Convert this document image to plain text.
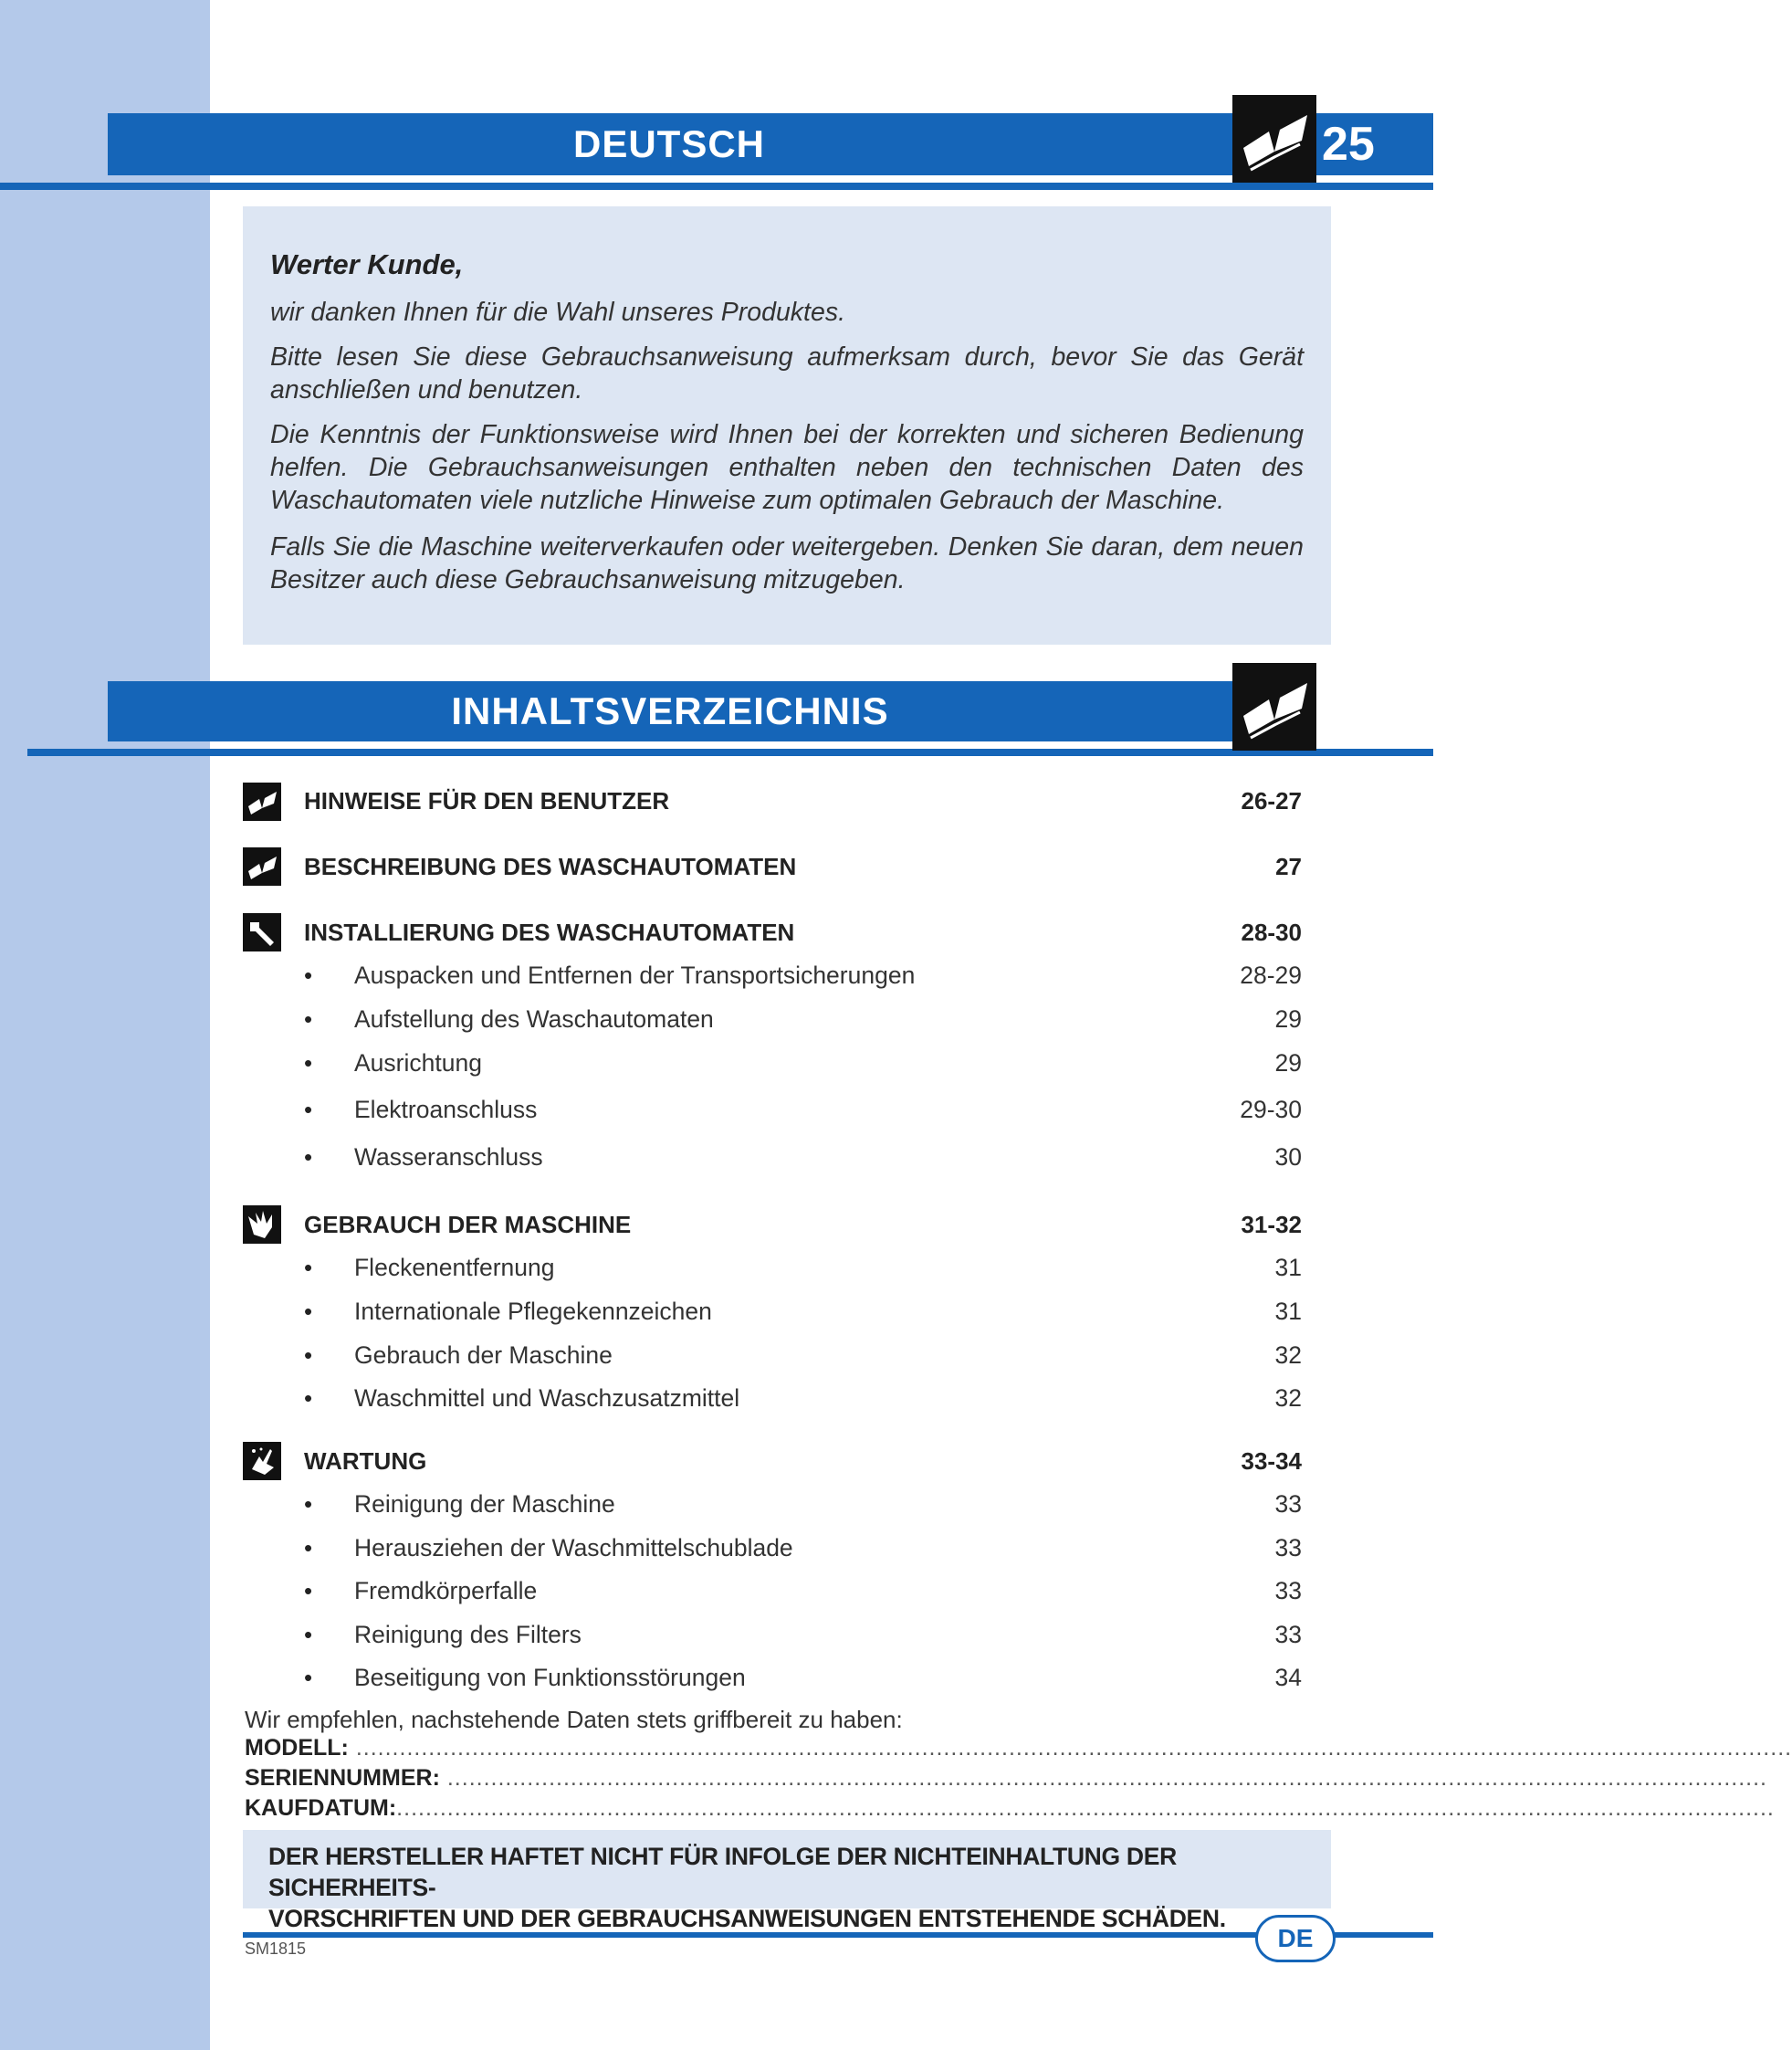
DEUTSCH	25
Werter Kunde,

wir danken Ihnen für die Wahl unseres Produktes.

Bitte lesen Sie diese Gebrauchsanweisung aufmerksam durch, bevor Sie das Gerät anschließen und benutzen.

Die Kenntnis der Funktionsweise wird Ihnen bei der korrekten und sicheren Bedienung helfen. Die Gebrauchsanweisungen enthalten neben den technischen Daten des Waschautomaten viele nutzliche Hinweise zum optimalen Gebrauch der Maschine.

Falls Sie die Maschine weiterverkaufen oder weitergeben. Denken Sie daran, dem neuen Besitzer auch diese Gebrauchsanweisung mitzugeben.

INHALTSVERZEICHNIS
HINWEISE FÜR DEN BENUTZER	26-27
BESCHREIBUNG DES WASCHAUTOMATEN	27
INSTALLIERUNG DES WASCHAUTOMATEN	28-30
• Auspacken und Entfernen der Transportsicherungen	28-29
• Aufstellung des Waschautomaten	29
• Ausrichtung	29
• Elektroanschluss	29-30
• Wasseranschluss	30
GEBRAUCH DER MASCHINE	31-32
• Fleckenentfernung	31
• Internationale Pflegekennzeichen	31
• Gebrauch der Maschine	32
• Waschmittel und Waschzusatzmittel	32
WARTUNG	33-34
• Reinigung der Maschine	33
• Herausziehen der Waschmittelschublade	33
• Fremdkörperfalle	33
• Reinigung des Filters	33
• Beseitigung von Funktionsstörungen	34
Wir empfehlen, nachstehende Daten stets griffbereit zu haben:
MODELL: ......................................................................................................................................................................................................
SERIENNUMMER: ......................................................................................................................................................................................
KAUFDATUM:..............................................................................................................................................................................................
DER HERSTELLER HAFTET NICHT FÜR INFOLGE DER NICHTEINHALTUNG DER SICHERHEITS-
VORSCHRIFTEN UND DER GEBRAUCHSANWEISUNGEN ENTSTEHENDE SCHÄDEN.
DE
SM1815
